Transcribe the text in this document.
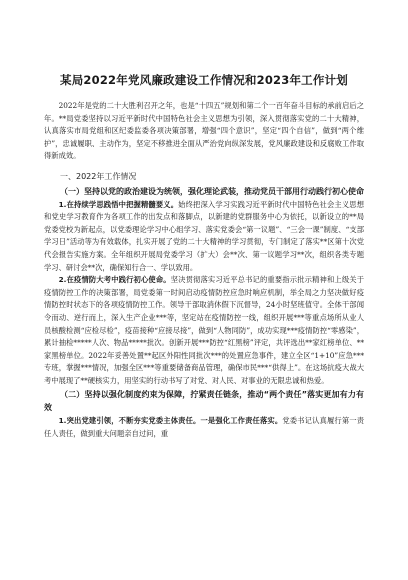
某局2022年党风廉政建设工作情况和2023年工作计划

2022年是党的二十大胜利召开之年，也是“十四五”规划和第二个一百年奋斗目标的承前启后之年。**局党委坚持以习近平新时代中国特色社会主义思想为引领，深入贯彻落实党的二十大精神，认真落实市局党组和区纪委监委各项决策部署，增强“四个意识”，坚定“四个自信”，做到“两个维护”，忠诚履职、主动作为，坚定不移推进全面从严治党向纵深发展，党风廉政建设和反腐败工作取得新成效。

一、2022年工作情况

（一）坚持以党的政治建设为统领，强化理论武装，推动党员干部用行动践行初心使命

1.在持续学思践悟中把握精髓要义。始终把深入学习实践习近平新时代中国特色社会主义思想和党史学习教育作为各项工作的出发点和落脚点，以新建的党群服务中心为依托，以新设立的**局党委党校为新起点，以党委理论学习中心组学习、落实党委会“第一议题”、“三会一课”制度、“支部学习日”活动等为有效载体，扎实开展了党的二十大精神的学习贯彻，专门制定了落实**区第十次党代会报告实施方案。全年组织开展局党委学习（扩大）会**次、第一议题学习**次，组织各类专题学习、研讨会**次，确保知行合一、学以致用。

2.在疫情防大考中践行初心使命。坚决贯彻落实习近平总书记的重要指示批示精神和上级关于疫情防控工作的决策部署，局党委第一时间启动疫情防控应急时响应机制，举全局之力坚决做好疫情防控时状态下的各项疫情防控工作。领导干部取消休假下沉督导，24小时坚班值守。全体干部闻令而动、逆行而上，深入生产企业***等，坚定站在疫情防控一线，组织开展***等重点场所从业人员核酸检测“应检尽检”，疫苗接种“应接尽接”，做到“人物同防”，成功实现***疫情防控“零感染”，累计抽检*****人次、物品*****批次。创新开展***防控“红黑榜”评定，共评选出**家红榜单位、**家黑榜单位。2022年妥善处置**起区外阳性同批次***的处置应急事件，建立全区“1+10”应急***专班，掌握***情况，加强全区***等重要储备商品管理，确保市民***“供得上”。在这场抗疫大战大考中展现了**硬核实力，用坚实的行动书写了对党、对人民、对事业的无限忠诚和热爱。

（二）坚持以强化制度约束为保障，拧紧责任链条，推动“两个责任”落实更加有力有效

1.突出党建引领，不断夯实党委主体责任。一是强化工作责任落实。党委书记认真履行第一责任人责任，做到重大问题亲自过问，重
